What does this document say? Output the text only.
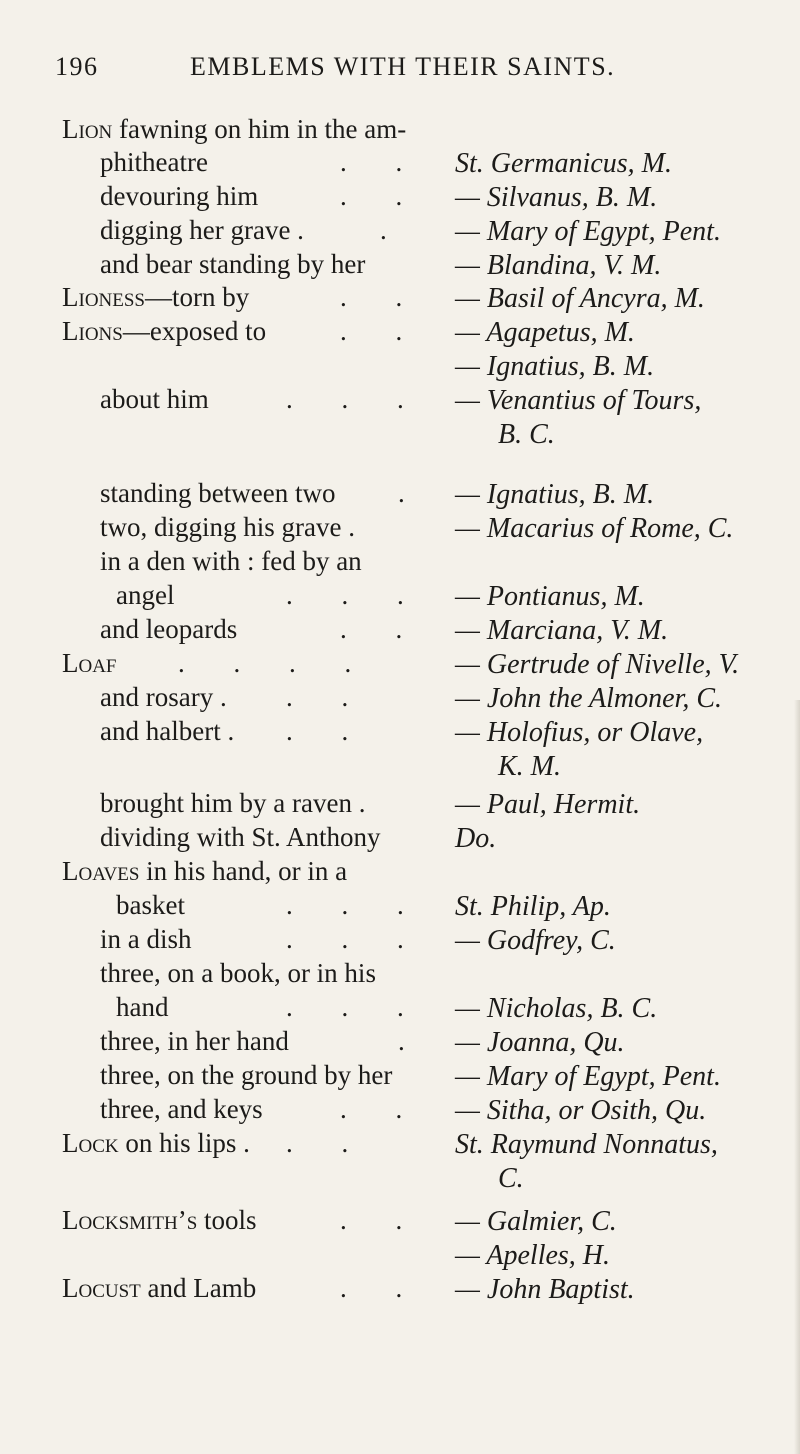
196	EMBLEMS WITH THEIR SAINTS.
Lion fawning on him in the am-
phitheatre	. . St. Germanicus, M.
devouring him	. . — Silvanus, B. M.
digging her grave .	. — Mary of Egypt, Pent.
and bear standing by her	— Blandina, V. M.
Lioness—torn by	. . — Basil of Ancyra, M.
Lions—exposed to	. . — Agapetus, M.
— Ignatius, B. M.
about him	. . . — Venantius of Tours,
B. C.
standing between two . — Ignatius, B. M.
two, digging his grave .	— Macarius of Rome, C.
in a den with : fed by an
angel	. . . — Pontianus, M.
and leopards	. . — Marciana, V. M.
Loaf . . . .	— Gertrude of Nivelle, V.
and rosary . . .	— John the Almoner, C.
and halbert . . .	— Holofius, or Olave,
K. M.
brought him by a raven .	— Paul, Hermit.
dividing with St. Anthony	Do.
Loaves in his hand, or in a
basket	. . . St. Philip, Ap.
in a dish	. . . — Godfrey, C.
three, on a book, or in his
hand	. . . — Nicholas, B. C.
three, in her hand	. — Joanna, Qu.
three, on the ground by her — Mary of Egypt, Pent.
three, and keys	. . — Sitha, or Osith, Qu.
Lock on his lips . . .	St. Raymund Nonnatus,
C.
Locksmith’s tools	. . — Galmier, C.
— Apelles, H.
Locust and Lamb	. . — John Baptist.
